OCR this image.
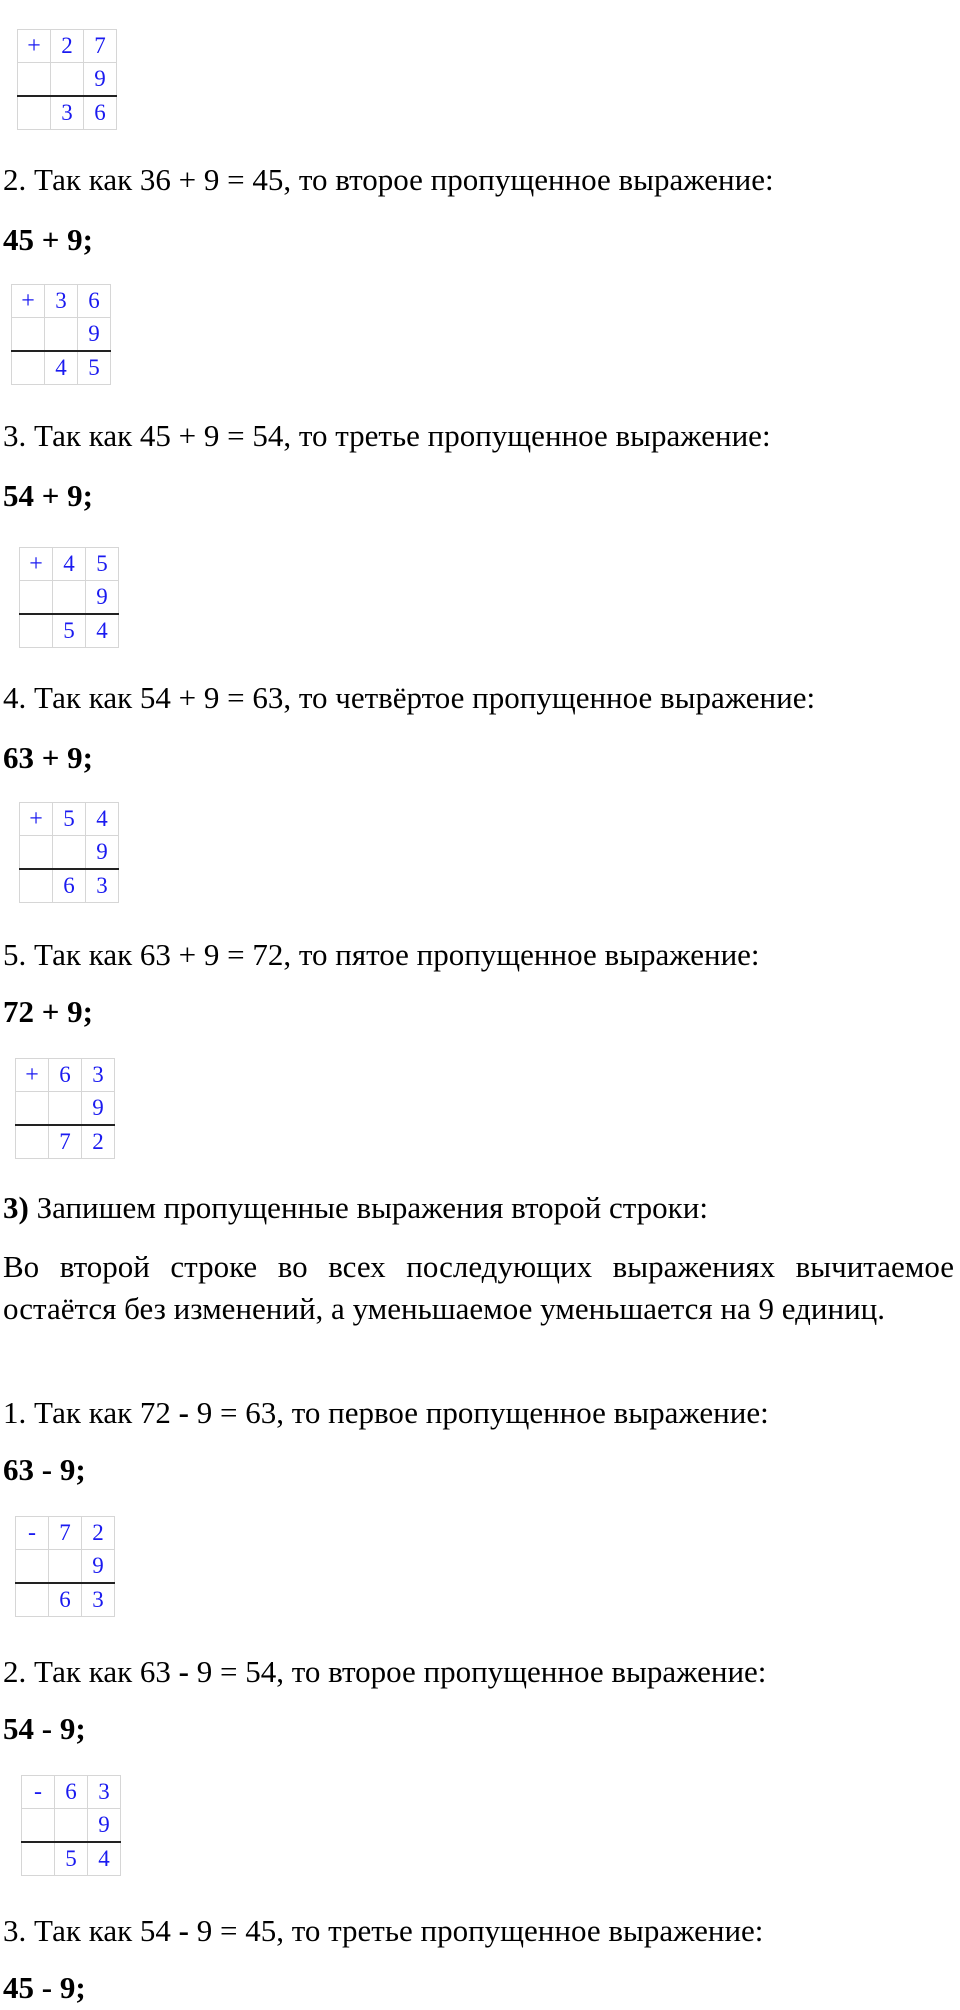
+	2	7
		9
	3	6
2. Так как 36 + 9 = 45, то второе пропущенное выражение:
45 + 9;
+	3	6
		9
	4	5
3. Так как 45 + 9 = 54, то третье пропущенное выражение:
54 + 9;
+	4	5
		9
	5	4
4. Так как 54 + 9 = 63, то четвёртое пропущенное выражение:
63 + 9;
+	5	4
		9
	6	3
5. Так как 63 + 9 = 72, то пятое пропущенное выражение:
72 + 9;
+	6	3
		9
	7	2
3) Запишем пропущенные выражения второй строки:
Во второй строке во всех последующих выражениях вычитаемое остаётся без изменений, а уменьшаемое уменьшается на 9 единиц.
1. Так как 72 - 9 = 63, то первое пропущенное выражение:
63 - 9;
-	7	2
		9
	6	3
2. Так как 63 - 9 = 54, то второе пропущенное выражение:
54 - 9;
-	6	3
		9
	5	4
3. Так как 54 - 9 = 45, то третье пропущенное выражение:
45 - 9;
